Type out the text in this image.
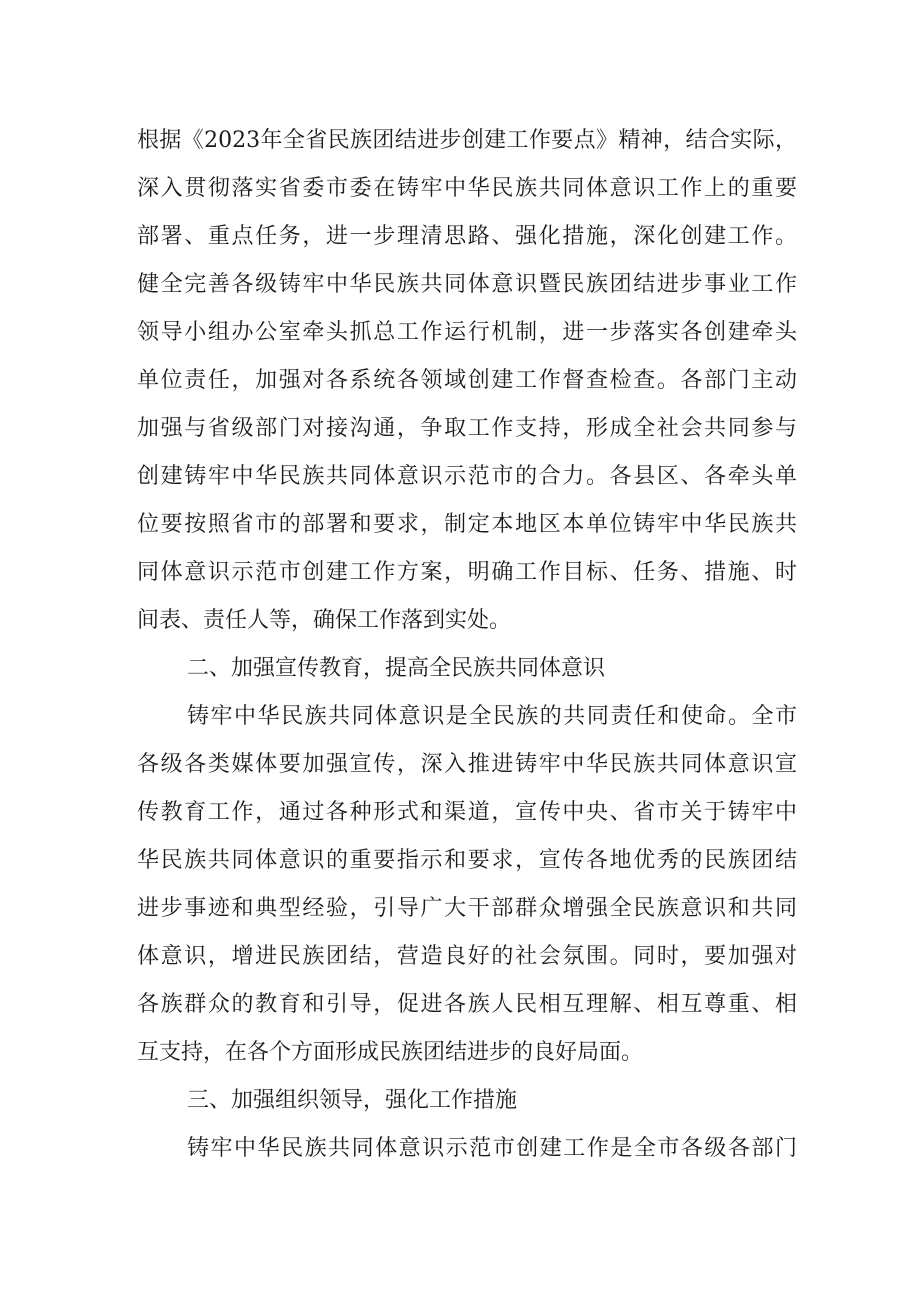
根据《2023年全省民族团结进步创建工作要点》精神，结合实际，
深入贯彻落实省委市委在铸牢中华民族共同体意识工作上的重要
部署、重点任务，进一步理清思路、强化措施，深化创建工作。
健全完善各级铸牢中华民族共同体意识暨民族团结进步事业工作
领导小组办公室牵头抓总工作运行机制，进一步落实各创建牵头
单位责任，加强对各系统各领域创建工作督查检查。各部门主动
加强与省级部门对接沟通，争取工作支持，形成全社会共同参与
创建铸牢中华民族共同体意识示范市的合力。各县区、各牵头单
位要按照省市的部署和要求，制定本地区本单位铸牢中华民族共
同体意识示范市创建工作方案，明确工作目标、任务、措施、时
间表、责任人等，确保工作落到实处。
二、加强宣传教育，提高全民族共同体意识
铸牢中华民族共同体意识是全民族的共同责任和使命。全市
各级各类媒体要加强宣传，深入推进铸牢中华民族共同体意识宣
传教育工作，通过各种形式和渠道，宣传中央、省市关于铸牢中
华民族共同体意识的重要指示和要求，宣传各地优秀的民族团结
进步事迹和典型经验，引导广大干部群众增强全民族意识和共同
体意识，增进民族团结，营造良好的社会氛围。同时，要加强对
各族群众的教育和引导，促进各族人民相互理解、相互尊重、相
互支持，在各个方面形成民族团结进步的良好局面。
三、加强组织领导，强化工作措施
铸牢中华民族共同体意识示范市创建工作是全市各级各部门
